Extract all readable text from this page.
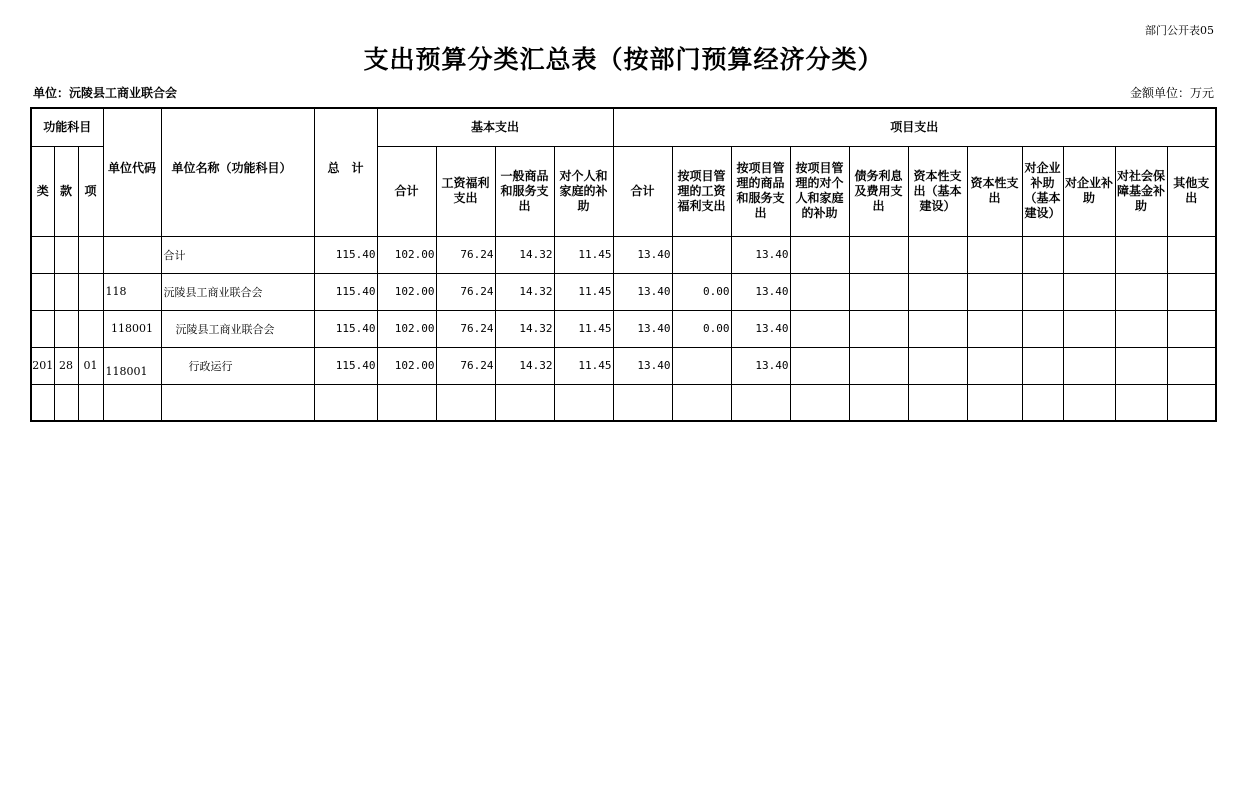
部门公开表05
支出预算分类汇总表（按部门预算经济分类）
单位：沅陵县工商业联合会	金额单位：万元
功能科目			单位代码	单位名称（功能科目）	总　计	基本支出				项目支出										
类	款	项				合计	工资福利支出	一般商品和服务支出	对个人和家庭的补助	合计	按项目管理的工资福利支出	按项目管理的商品和服务支出	按项目管理的对个人和家庭的补助	债务利息及费用支出	资本性支出（基本建设）	资本性支出	对企业补助（基本建设）	对企业补助	对社会保障基金补助	其他支出
				合计	115.40	102.00	76.24	14.32	11.45	13.40		13.40								
			118	沅陵县工商业联合会	115.40	102.00	76.24	14.32	11.45	13.40	0.00	13.40								
			118001	沅陵县工商业联合会	115.40	102.00	76.24	14.32	11.45	13.40	0.00	13.40								
201	28	01	118001	行政运行	115.40	102.00	76.24	14.32	11.45	13.40		13.40								
